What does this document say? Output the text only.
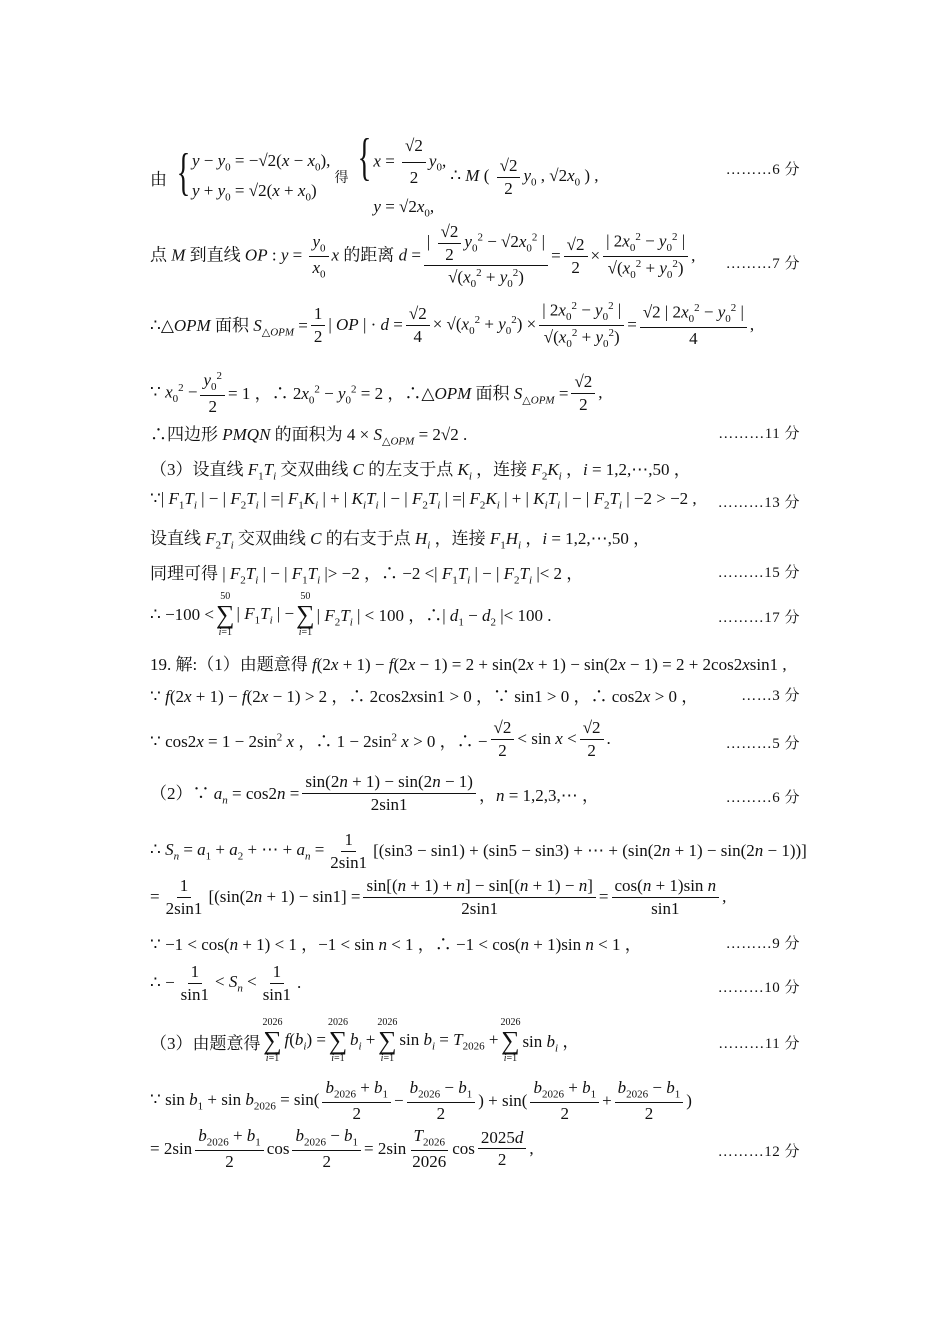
由 { $y - y_0 = -√2(x - x_0)$,
$y + y_0 = √2(x + x_0)$
得 { $x = \frac{√2}{2} y_0$,
$y = √2x_0$,
∴ M ( $\frac{√2}{2} y_0$ , $√2x_0$ ) ,	………6 分
点 M 到直线 OP : $y = \frac{y_0}{x_0}$ x 的距离 $d = \frac{| \frac{√2}{2} y_0^2 - √2x_0^2 |}{√(x_0^2 + y_0^2)} = \frac{√2}{2} \times \frac{| 2x_0^2 - y_0^2 |}{√(x_0^2 + y_0^2)}$ , ………7 分
∴△OPM 面积 $S_{\triangle OPM} = \frac{1}{2}$ | OP | · $d = \frac{√2}{4} \times √(x_0^2 + y_0^2) \times \frac{| 2x_0^2 - y_0^2 |}{√(x_0^2 + y_0^2)} = \frac{√2 | 2x_0^2 - y_0^2 |}{4}$ ,
∵ $x_0^2 - \frac{y_0^2}{2} = 1$ ，∴ $2x_0^2 - y_0^2 = 2$ ，∴△OPM 面积 $S_{\triangle OPM} = \frac{√2}{2}$ ,
∴四边形 PMQN 的面积为 $4 \times S_{\triangle OPM} = 2√2$ .	………11 分
（3）设直线 $F_1T_i$ 交双曲线 C 的左支于点 $K_i$ ，连接 $F_2K_i$ ，i = 1,2,⋯,50 ，
∵| $F_1T_i$ | − | $F_2T_i$ | =| $F_1K_i$ | + | $K_iT_i$ | − | $F_2T_i$ | =| $F_2K_i$ | + | $K_iT_i$ | − | $F_2T_i$ | −2 > −2 , ………13 分
设直线 $F_2T_i$ 交双曲线 C 的右支于点 $H_i$ ，连接 $F_1H_i$ ，i = 1,2,⋯,50 ，
同理可得 | $F_2T_i$ | − | $F_1T_i$ |> −2 ，∴ −2 <| $F_1T_i$ | − | $F_2T_i$ |< 2 ，	………15 分
∴ −100 <
50
∑
i=1
| $F_1T_i$ | −
50
∑
i=1
| $F_2T_i$ | < 100 ，∴| $d_1 - d_2$ |< 100 .	………17 分
19. 解:（1）由题意得 f(2x + 1) − f(2x − 1) = 2 + sin(2x + 1) − sin(2x − 1) = 2 + 2cos2xsin1 ,
∵ f(2x + 1) − f(2x − 1) > 2 ，∴ 2cos2xsin1 > 0 ，∵ sin1 > 0 ，∴ cos2x > 0 ，	……3 分
∵ $\cos 2x = 1 - 2\sin^2$ x ，∴ $1 - 2\sin^2$ x > 0 ，∴ − $\frac{√2}{2} < \sin x < \frac{√2}{2}$ .	………5 分
（2）∵ $a_n = \cos 2n = \frac{\sin(2n + 1) - \sin(2n - 1)}{2\sin 1}$ ，n = 1,2,3,⋯ ，	………6 分
∴ $S_n = a_1 + a_2$ + ⋯ + $a_n = \frac{1}{2\sin 1} [(\sin 3 - \sin 1) + (\sin 5 - \sin 3)$ + ⋯ + (sin(2n + 1) − sin(2n − 1))]
= $\frac{1}{2\sin 1} [(\sin(2n + 1) - \sin 1] = \frac{\sin[(n + 1) + n] - \sin[(n + 1) - n]}{2\sin 1} = \frac{\text{cos(n + 1)sin n}}{\sin 1}$ ,
∵ −1 < cos(n + 1) < 1 ，−1 < sin n < 1 ，∴ −1 < cos(n + 1)sin n < 1 ，	………9 分
∴ − $\frac{1}{\sin 1} < S_n < \frac{1}{\sin 1}$ .	………10 分
（3）由题意得
2026
∑
i=1
$f(b_i)$ =
2026
∑
i=1
$b_i$ +
2026
∑
i=1
$\sin b_i = T_{2026}$ +
2026
∑
i=1
$\sin b_i$ ，	………11 分
∵ $\sin b_1 + \sin b_{2026} = \sin( \frac{b_{2026} + b_1}{2} - \frac{b_{2026} - b_1}{2}$ ) + $\sin( \frac{b_{2026} + b_1}{2} + \frac{b_{2026} - b_1}{2}$ )
= $2\sin \frac{b_{2026} + b_1}{2}$ $\cos \frac{b_{2026} - b_1}{2} = 2\sin \frac{T_{2026}}{2026}$ $\cos \frac{2025d}{2}$ ,	………12 分
